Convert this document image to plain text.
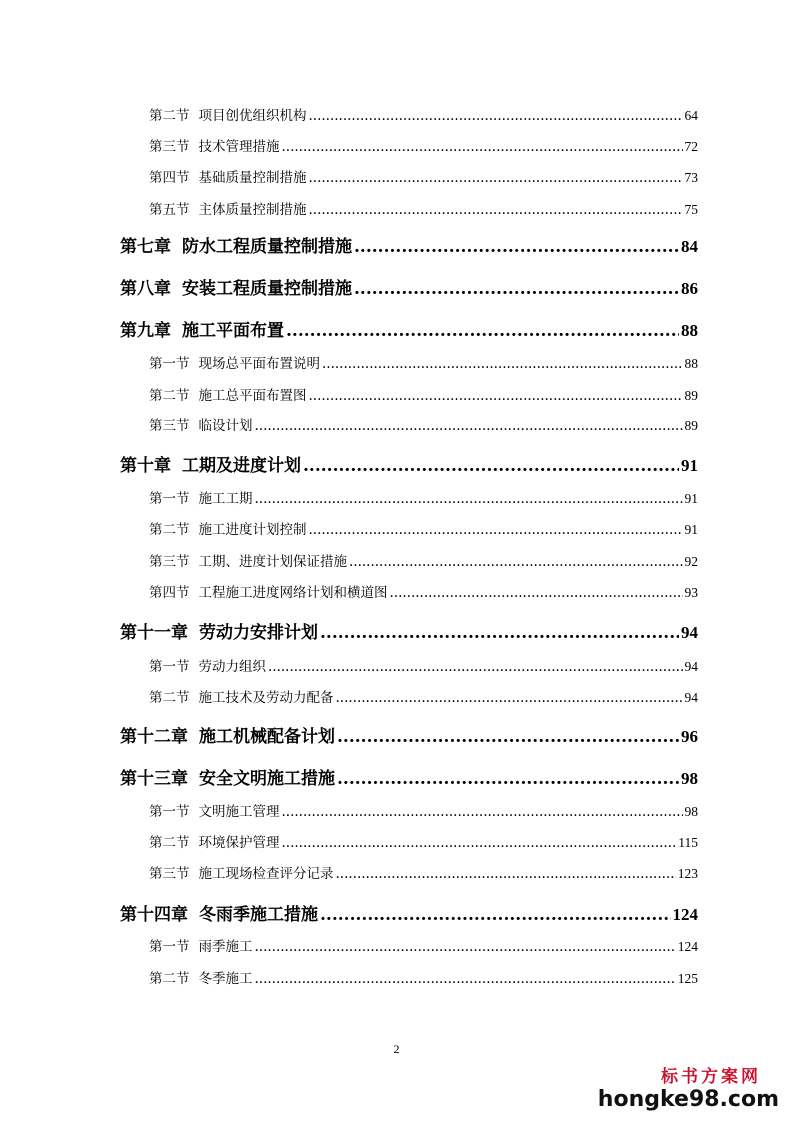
第二节 项目创优组织机构 .....	64
第三节 技术管理措施 .....	72
第四节 基础质量控制措施 .....	73
第五节 主体质量控制措施 .....	75
第七章 防水工程质量控制措施 .....	84
第八章 安装工程质量控制措施 .....	86
第九章 施工平面布置 .....	88
第一节 现场总平面布置说明 .....	88
第二节 施工总平面布置图 .....	89
第三节 临设计划 .....	89
第十章 工期及进度计划 .....	91
第一节 施工工期 .....	91
第二节 施工进度计划控制 .....	91
第三节 工期、进度计划保证措施 .....	92
第四节 工程施工进度网络计划和横道图 .....	93
第十一章 劳动力安排计划 .....	94
第一节 劳动力组织 .....	94
第二节 施工技术及劳动力配备 .....	94
第十二章 施工机械配备计划 .....	96
第十三章 安全文明施工措施 .....	98
第一节 文明施工管理 .....	98
第二节 环境保护管理 .....	115
第三节 施工现场检查评分记录 .....	123
第十四章 冬雨季施工措施 .....	124
第一节 雨季施工 .....	124
第二节 冬季施工 .....	125
2
标书方案网
hongke98.com
